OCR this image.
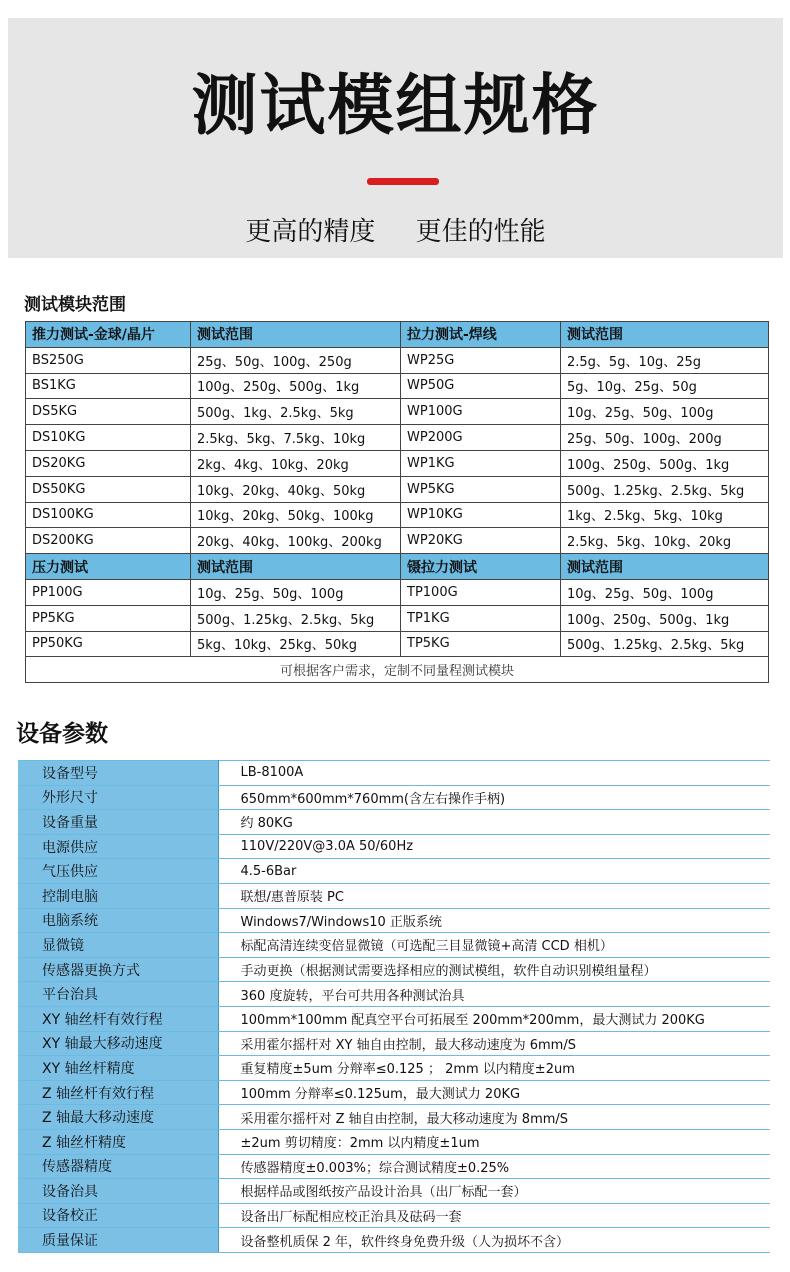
测试模组规格
更高的精度 更佳的性能
测试模块范围
推力测试-金球/晶片	测试范围	拉力测试-焊线	测试范围
BS250G	25g、50g、100g、250g	WP25G	2.5g、5g、10g、25g
BS1KG	100g、250g、500g、1kg	WP50G	5g、10g、25g、50g
DS5KG	500g、1kg、2.5kg、5kg	WP100G	10g、25g、50g、100g
DS10KG	2.5kg、5kg、7.5kg、10kg	WP200G	25g、50g、100g、200g
DS20KG	2kg、4kg、10kg、20kg	WP1KG	100g、250g、500g、1kg
DS50KG	10kg、20kg、40kg、50kg	WP5KG	500g、1.25kg、2.5kg、5kg
DS100KG	10kg、20kg、50kg、100kg	WP10KG	1kg、2.5kg、5kg、10kg
DS200KG	20kg、40kg、100kg、200kg	WP20KG	2.5kg、5kg、10kg、20kg
压力测试	测试范围	镊拉力测试	测试范围
PP100G	10g、25g、50g、100g	TP100G	10g、25g、50g、100g
PP5KG	500g、1.25kg、2.5kg、5kg	TP1KG	100g、250g、500g、1kg
PP50KG	5kg、10kg、25kg、50kg	TP5KG	500g、1.25kg、2.5kg、5kg
可根据客户需求，定制不同量程测试模块			
设备参数
设备型号	LB-8100A
外形尺寸	650mm*600mm*760mm(含左右操作手柄)
设备重量	约 80KG
电源供应	110V/220V@3.0A 50/60Hz
气压供应	4.5-6Bar
控制电脑	联想/惠普原装 PC
电脑系统	Windows7/Windows10 正版系统
显微镜	标配高清连续变倍显微镜（可选配三目显微镜+高清 CCD 相机）
传感器更换方式	手动更换（根据测试需要选择相应的测试模组，软件自动识别模组量程）
平台治具	360 度旋转，平台可共用各种测试治具
XY 轴丝杆有效行程	100mm*100mm 配真空平台可拓展至 200mm*200mm，最大测试力 200KG
XY 轴最大移动速度	采用霍尔摇杆对 XY 轴自由控制，最大移动速度为 6mm/S
XY 轴丝杆精度	重复精度±5um 分辩率≤0.125 ； 2mm 以内精度±2um
Z 轴丝杆有效行程	100mm 分辩率≤0.125um，最大测试力 20KG
Z 轴最大移动速度	采用霍尔摇杆对 Z 轴自由控制，最大移动速度为 8mm/S
Z 轴丝杆精度	±2um 剪切精度：2mm 以内精度±1um
传感器精度	传感器精度±0.003%；综合测试精度±0.25%
设备治具	根据样品或图纸按产品设计治具（出厂标配一套）
设备校正	设备出厂标配相应校正治具及砝码一套
质量保证	设备整机质保 2 年，软件终身免费升级（人为损坏不含）
